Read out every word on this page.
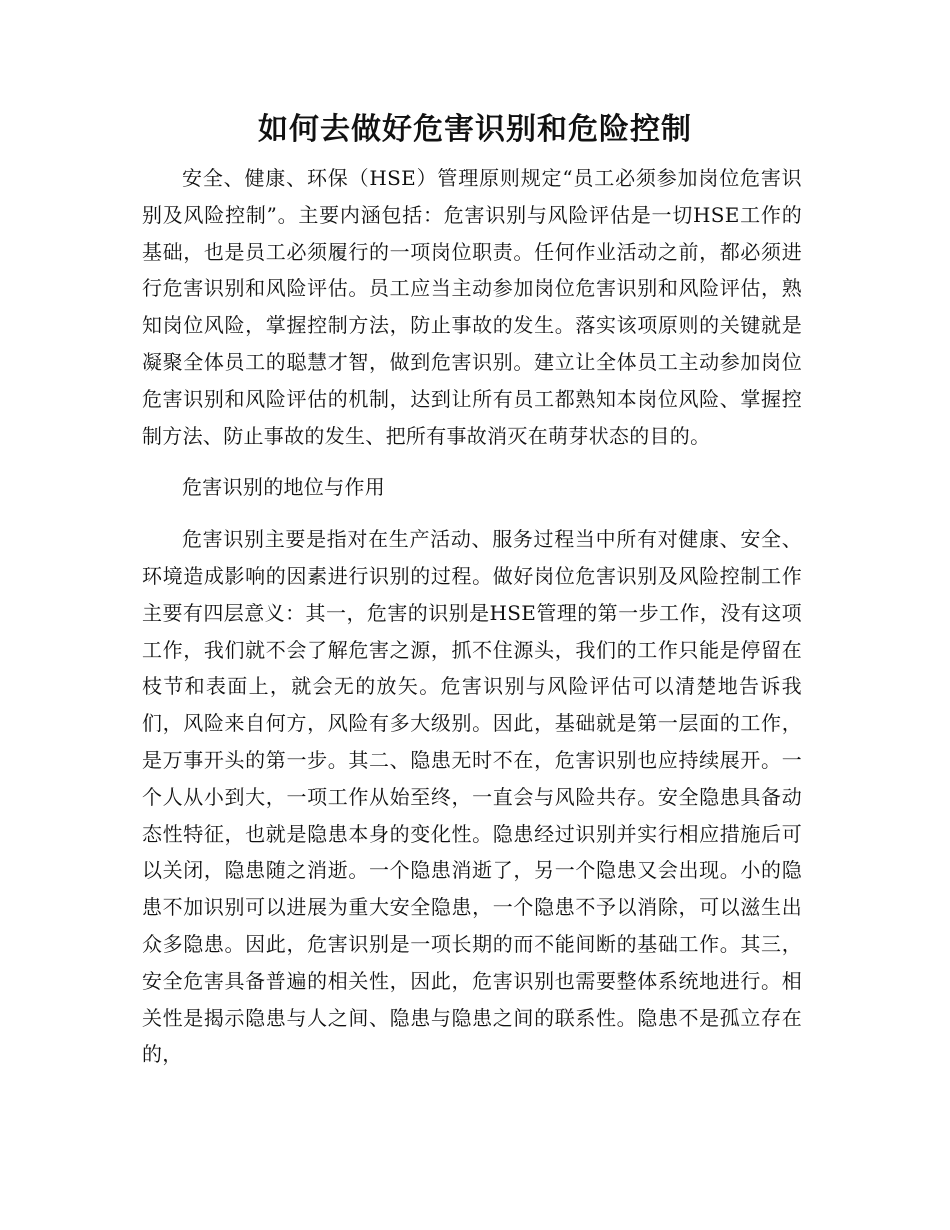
如何去做好危害识别和危险控制

安全、健康、环保（HSE）管理原则规定“员工必须参加岗位危害识别及风险控制”。主要内涵包括：危害识别与风险评估是一切HSE工作的基础，也是员工必须履行的一项岗位职责。任何作业活动之前，都必须进行危害识别和风险评估。员工应当主动参加岗位危害识别和风险评估，熟知岗位风险，掌握控制方法，防止事故的发生。落实该项原则的关键就是凝聚全体员工的聪慧才智，做到危害识别。建立让全体员工主动参加岗位危害识别和风险评估的机制，达到让所有员工都熟知本岗位风险、掌握控制方法、防止事故的发生、把所有事故消灭在萌芽状态的目的。

危害识别的地位与作用

危害识别主要是指对在生产活动、服务过程当中所有对健康、安全、环境造成影响的因素进行识别的过程。做好岗位危害识别及风险控制工作主要有四层意义：其一，危害的识别是HSE管理的第一步工作，没有这项工作，我们就不会了解危害之源，抓不住源头，我们的工作只能是停留在枝节和表面上，就会无的放矢。危害识别与风险评估可以清楚地告诉我们，风险来自何方，风险有多大级别。因此，基础就是第一层面的工作，是万事开头的第一步。其二、隐患无时不在，危害识别也应持续展开。一个人从小到大，一项工作从始至终，一直会与风险共存。安全隐患具备动态性特征，也就是隐患本身的变化性。隐患经过识别并实行相应措施后可以关闭，隐患随之消逝。一个隐患消逝了，另一个隐患又会出现。小的隐患不加识别可以进展为重大安全隐患，一个隐患不予以消除，可以滋生出众多隐患。因此，危害识别是一项长期的而不能间断的基础工作。其三，安全危害具备普遍的相关性，因此，危害识别也需要整体系统地进行。相关性是揭示隐患与人之间、隐患与隐患之间的联系性。隐患不是孤立存在的，
